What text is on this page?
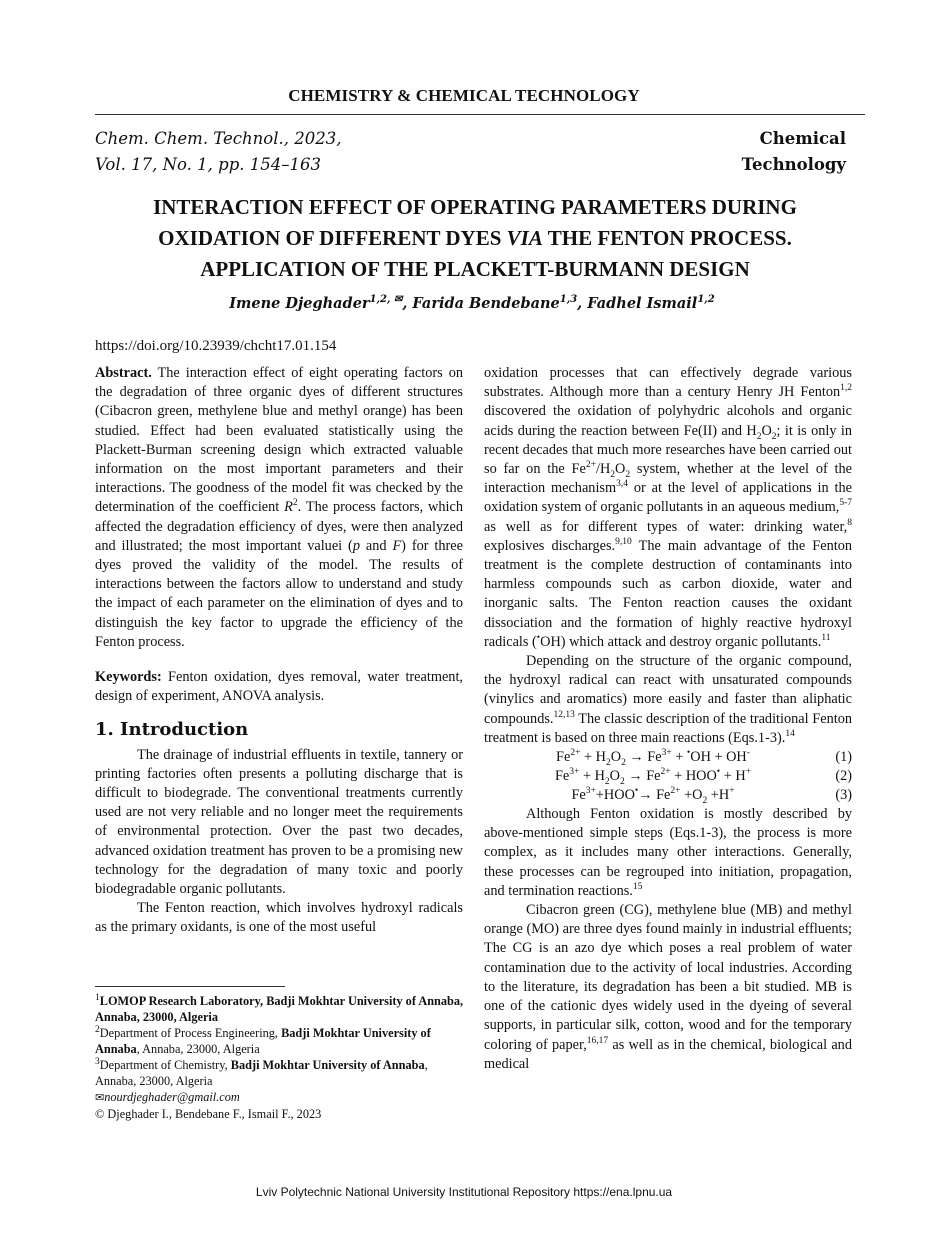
CHEMISTRY & CHEMICAL TECHNOLOGY
Chem. Chem. Technol., 2023,
Vol. 17, No. 1, pp. 154–163
Chemical
Technology
INTERACTION EFFECT OF OPERATING PARAMETERS DURING
OXIDATION OF DIFFERENT DYES VIA THE FENTON PROCESS.
APPLICATION OF THE PLACKETT-BURMANN DESIGN
Imene Djeghader$^{1,2,}$ ✉, Farida Bendebane$^{1,3}$, Fadhel Ismail$^{1,2}$
https://doi.org/10.23939/chcht17.01.154

Abstract. The interaction effect of eight operating factors on the degradation of three organic dyes of different structures (Cibacron green, methylene blue and methyl orange) has been studied. Effect had been evaluated statistically using the Plackett-Burman screening design which extracted valuable information on the most important parameters and their interactions. The goodness of the model fit was checked by the determination of the coefficient $R^2$. The process factors, which affected the degradation efficiency of dyes, were then analyzed and illustrated; the most important valuei (p and F) for three dyes proved the validity of the model. The results of interactions between the factors allow to understand and study the impact of each parameter on the elimination of dyes and to distinguish the key factor to upgrade the efficiency of the Fenton process.

Keywords: Fenton oxidation, dyes removal, water treatment, design of experiment, ANOVA analysis.

1. Introduction

The drainage of industrial effluents in textile, tannery or printing factories often presents a polluting discharge that is difficult to biodegrade. The conventional treatments currently used are not very reliable and no longer meet the requirements of environmental protection. Over the past two decades, advanced oxidation treatment has proven to be a promising new technology for the degradation of many toxic and poorly biodegradable organic pollutants.

The Fenton reaction, which involves hydroxyl radicals as the primary oxidants, is one of the most useful

oxidation processes that can effectively degrade various substrates. Although more than a century Henry JH Fenton$^{1,2}$ discovered the oxidation of polyhydric alcohols and organic acids during the reaction between Fe(II) and $H_2O_2$; it is only in recent decades that much more researches have been carried out so far on the $Fe^{2+}/H_2O_2$ system, whether at the level of the interaction mechanism$^{3,4}$ or at the level of applications in the oxidation system of organic pollutants in an aqueous medium,$^{5-7}$ as well as for different types of water: drinking water,$^8$ explosives discharges.$^{9,10}$ The main advantage of the Fenton treatment is the complete destruction of contaminants into harmless compounds such as carbon dioxide, water and inorganic salts. The Fenton reaction causes the oxidant dissociation and the formation of highly reactive hydroxyl radicals (•OH) which attack and destroy organic pollutants.$^{11}$

Depending on the structure of the organic compound, the hydroxyl radical can react with unsaturated compounds (vinylics and aromatics) more easily and faster than aliphatic compounds.$^{12,13}$ The classic description of the traditional Fenton treatment is based on three main reactions (Eqs.1-3).$^{14}$

$Fe^{2+} + H_2O_2 \to Fe^{3+} + ^•OH + OH^-$	(1)
$Fe^{3+} + H_2O_2 \to Fe^{2+} + HOO^• + H^+$	(2)
$Fe^{3+}+HOO^•\to Fe^{2+} +O_2 +H^+$	(3)

Although Fenton oxidation is mostly described by above-mentioned simple steps (Eqs.1-3), the process is more complex, as it includes many other interactions. Generally, these processes can be regrouped into initiation, propagation, and termination reactions.$^{15}$

Cibacron green (CG), methylene blue (MB) and methyl orange (MO) are three dyes found mainly in industrial effluents; The CG is an azo dye which poses a real problem of water contamination due to the activity of local industries. According to the literature, its degradation has been a bit studied. MB is one of the cationic dyes widely used in the dyeing of several supports, in particular silk, cotton, wood and for the temporary coloring of paper,$^{16,17}$ as well as in the chemical, biological and medical

$^1$LOMOP Research Laboratory, Badji Mokhtar University of Annaba, Annaba, 23000, Algeria

$^2$Department of Process Engineering, Badji Mokhtar University of Annaba, Annaba, 23000, Algeria

$^3$Department of Chemistry, Badji Mokhtar University of Annaba, Annaba, 23000, Algeria

✉nourdjeghader@gmail.com

© Djeghader I., Bendebane F., Ismail F., 2023

Lviv Polytechnic National University Institutional Repository https://ena.lpnu.ua
